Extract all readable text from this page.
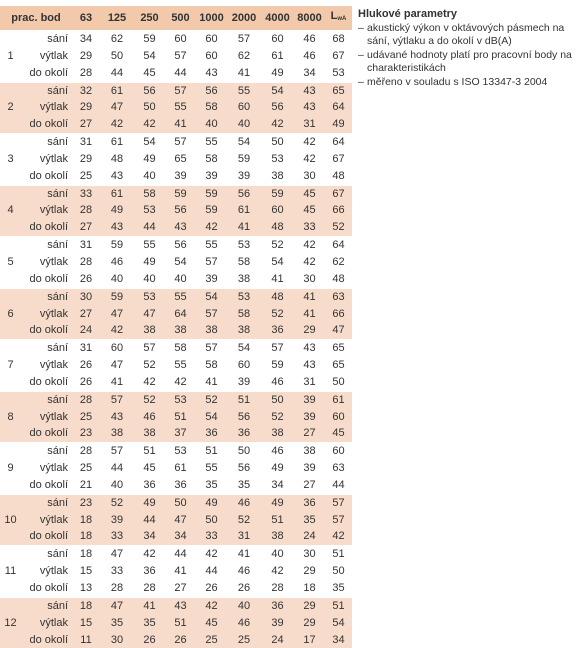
prac. bod		63	125	250	500	1000	2000	4000	8000	LwA
	sání	34	62	59	60	60	57	60	46	68
1	výtlak	29	50	54	57	60	62	61	46	67
	do okolí	28	44	45	44	43	41	49	34	53
	sání	32	61	56	57	56	55	54	43	65
2	výtlak	29	47	50	55	58	60	56	43	64
	do okolí	27	42	42	41	40	40	42	31	49
	sání	31	61	54	57	55	54	50	42	64
3	výtlak	29	48	49	65	58	59	53	42	67
	do okolí	25	43	40	39	39	39	38	30	48
	sání	33	61	58	59	59	56	59	45	67
4	výtlak	28	49	53	56	59	61	60	45	66
	do okolí	27	43	44	43	42	41	48	33	52
	sání	31	59	55	56	55	53	52	42	64
5	výtlak	28	46	49	54	57	58	54	42	62
	do okolí	26	40	40	40	39	38	41	30	48
	sání	30	59	53	55	54	53	48	41	63
6	výtlak	27	47	47	64	57	58	52	41	66
	do okolí	24	42	38	38	38	38	36	29	47
	sání	31	60	57	58	57	54	57	43	65
7	výtlak	26	47	52	55	58	60	59	43	65
	do okolí	26	41	42	42	41	39	46	31	50
	sání	28	57	52	53	52	51	50	39	61
8	výtlak	25	43	46	51	54	56	52	39	60
	do okolí	23	38	38	37	36	36	38	27	45
	sání	28	57	51	53	51	50	46	38	60
9	výtlak	25	44	45	61	55	56	49	39	63
	do okolí	21	40	36	36	35	35	34	27	44
	sání	23	52	49	50	49	46	49	36	57
10	výtlak	18	39	44	47	50	52	51	35	57
	do okolí	18	33	34	34	33	31	38	24	42
	sání	18	47	42	44	42	41	40	30	51
11	výtlak	15	33	36	41	44	46	42	29	50
	do okolí	13	28	28	27	26	26	28	18	35
	sání	18	47	41	43	42	40	36	29	51
12	výtlak	15	35	35	51	45	46	39	29	54
	do okolí	11	30	26	26	25	25	24	17	34
Hlukové parametry
– akustický výkon v oktávových pásmech na sání, výtlaku a do okolí v dB(A)
– udávané hodnoty platí pro pracovní body na charakteristikách
– měřeno v souladu s ISO 13347-3 2004
